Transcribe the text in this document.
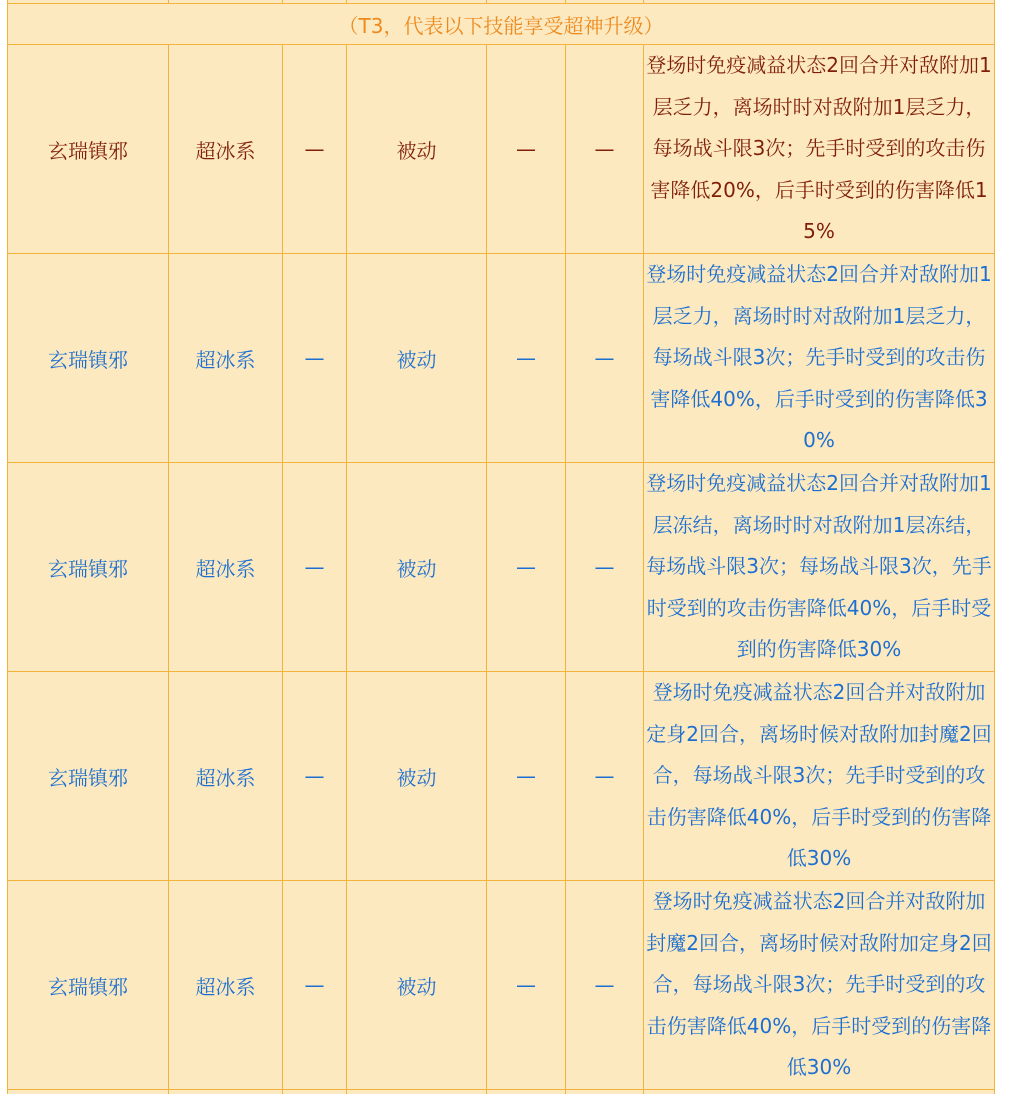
（T3，代表以下技能享受超神升级）						
玄瑞镇邪	超冰系	—	被动	—	—	登场时免疫减益状态2回合并对敌附加1层乏力，离场时时对敌附加1层乏力，每场战斗限3次；先手时受到的攻击伤害降低20%，后手时受到的伤害降低15%
玄瑞镇邪	超冰系	—	被动	—	—	登场时免疫减益状态2回合并对敌附加1层乏力，离场时时对敌附加1层乏力，每场战斗限3次；先手时受到的攻击伤害降低40%，后手时受到的伤害降低30%
玄瑞镇邪	超冰系	—	被动	—	—	登场时免疫减益状态2回合并对敌附加1层冻结，离场时时对敌附加1层冻结，每场战斗限3次；每场战斗限3次，先手时受到的攻击伤害降低40%，后手时受到的伤害降低30%
玄瑞镇邪	超冰系	—	被动	—	—	登场时免疫减益状态2回合并对敌附加定身2回合，离场时候对敌附加封魔2回合，每场战斗限3次；先手时受到的攻击伤害降低40%，后手时受到的伤害降低30%
玄瑞镇邪	超冰系	—	被动	—	—	登场时免疫减益状态2回合并对敌附加封魔2回合，离场时候对敌附加定身2回合，每场战斗限3次；先手时受到的攻击伤害降低40%，后手时受到的伤害降低30%
